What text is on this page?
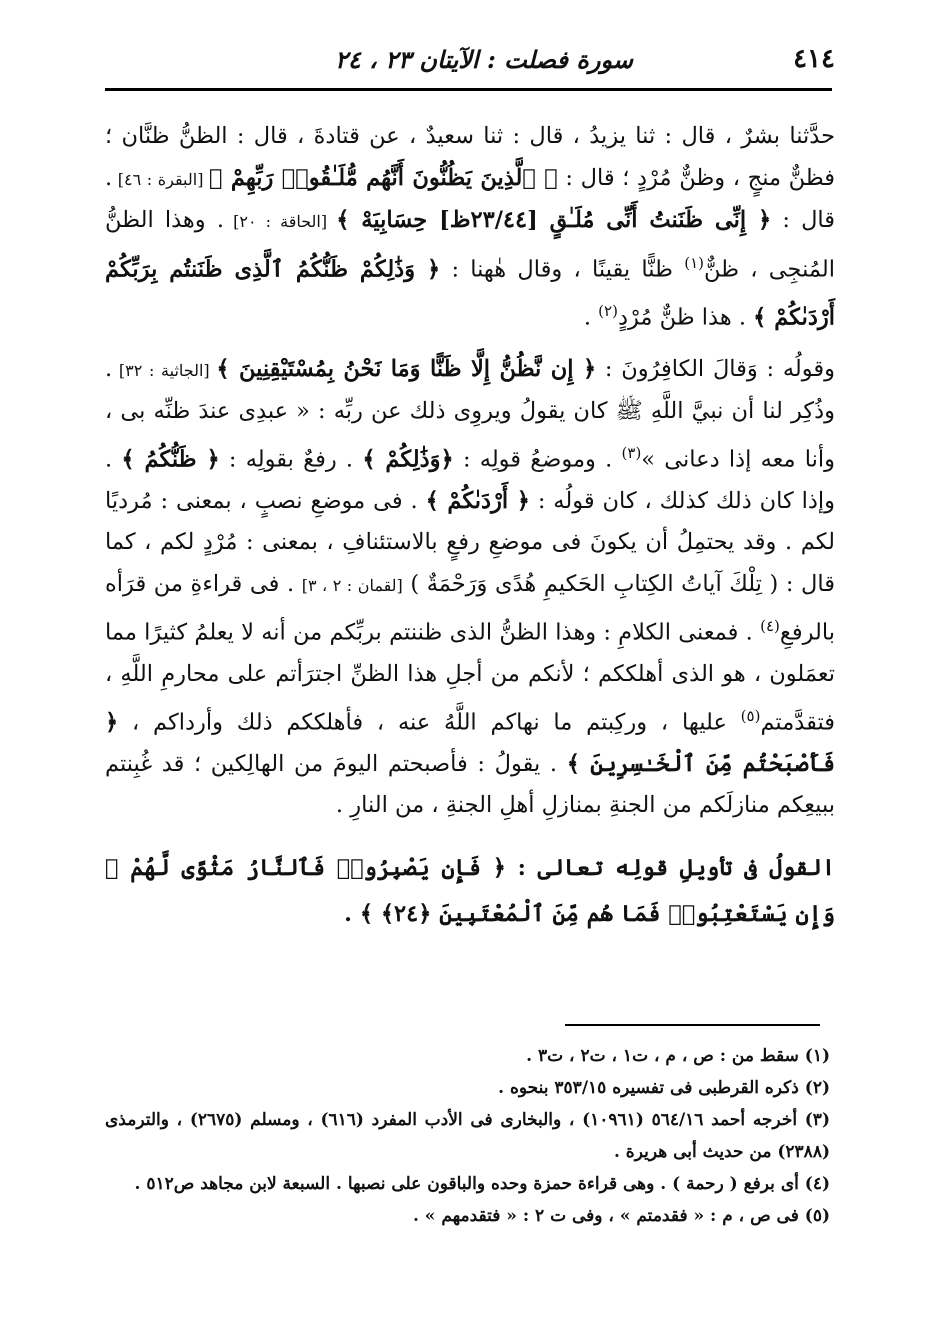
٤١٤
سورة فصلت : الآيتان ٢٣ ، ٢٤

حدَّثنا بشرٌ ، قال : ثنا يزيدُ ، قال : ثنا سعيدٌ ، عن قتادةَ ، قال : الظنُّ ظنَّان ؛ فظنٌّ منجٍ ، وظنٌّ مُرْدٍ ؛ قال : ﴿ ٱلَّذِينَ يَظُنُّونَ أَنَّهُم مُّلَـٰقُوا۟ رَبِّهِمْ ﴾ [البقرة : ٤٦] . قال : ﴿ إِنِّى ظَنَنتُ أَنِّى مُلَـٰقٍ [٢٣/٤٤ظ] حِسَابِيَهْ ﴾ [الحاقة : ٢٠] . وهذا الظنُّ المُنجِى ، ظنٌّ$^{(١)}$ ظنًّا يقينًا ، وقال هٰهنا : ﴿ وَذَٰلِكُمْ ظَنُّكُمُ ٱلَّذِى ظَنَنتُم بِرَبِّكُمْ أَرْدَىٰكُمْ ﴾ . هذا ظنٌّ مُرْدٍ$^{(٢)}$ .

وقولُه : وَقالَ الكافِرُونَ : ﴿ إِن نَّظُنُّ إِلَّا ظَنًّا وَمَا نَحْنُ بِمُسْتَيْقِنِينَ ﴾ [الجاثية : ٣٢] . وذُكِر لنا أن نبيَّ اللَّهِ ﷺ كان يقولُ ويروِى ذلك عن ربِّه : « عبدِى عندَ ظنِّه بى ، وأنا معه إذا دعانى »$^{(٣)}$ . وموضعُ قولِه : ﴿وَذَٰلِكُمْ ﴾ . رفعٌ بقولِه : ﴿ ظَنُّكُمُ ﴾ . وإذا كان ذلك كذلك ، كان قولُه : ﴿ أَرْدَىٰكُمْ ﴾ . فى موضعِ نصبٍ ، بمعنى : مُرديًا لكم . وقد يحتمِلُ أن يكونَ فى موضعِ رفعٍ بالاستئنافِ ، بمعنى : مُرْدٍ لكم ، كما قال : ( تِلْكَ آياتُ الكِتابِ الحَكيمِ هُدًى وَرَحْمَةٌ ) [لقمان : ٢ ، ٣] . فى قراءةِ من قرَأه بالرفعِ$^{(٤)}$ . فمعنى الكلامِ : وهذا الظنُّ الذى ظننتم بربِّكم من أنه لا يعلمُ كثيرًا مما تعمَلون ، هو الذى أهلككم ؛ لأنكم من أجلِ هذا الظنِّ اجترَأتم على محارمِ اللَّهِ ، فتقدَّمتم$^{(٥)}$ عليها ، وركِبتم ما نهاكم اللَّهُ عنه ، فأهلككم ذلك وأرداكم ، ﴿ فَأَصْبَحْتُم مِّنَ ٱلْخَـٰسِرِينَ ﴾ . يقولُ : فأصبحتم اليومَ من الهالِكين ؛ قد غُبِنتم ببيعِكم منازلَكم من الجنةِ بمنازلِ أهلِ الجنةِ ، من النارِ .

القولُ فى تأويلِ قولِه تعالى : ﴿ فَإِن يَصْبِرُوا۟ فَٱلنَّارُ مَثْوًى لَّهُمْ ۖ وَإِن يَسْتَعْتِبُوا۟ فَمَا هُم مِّنَ ٱلْمُعْتَبِينَ ﴿٢٤﴾ ﴾ .

(١) سقط من : ص ، م ، ت١ ، ت٢ ، ت٣ .

(٢) ذكره القرطبى فى تفسيره ٣٥٣/١٥ بنحوه .

(٣) أخرجه أحمد ٥٦٤/١٦ (١٠٩٦١) ، والبخارى فى الأدب المفرد (٦١٦) ، ومسلم (٢٦٧٥) ، والترمذى (٢٣٨٨) من حديث أبى هريرة .

(٤) أى برفع ( رحمة ) . وهى قراءة حمزة وحده والباقون على نصبها . السبعة لابن مجاهد ص٥١٢ .

(٥) فى ص ، م : « فقدمتم » ، وفى ت ٢ : « فتقدمهم » .
